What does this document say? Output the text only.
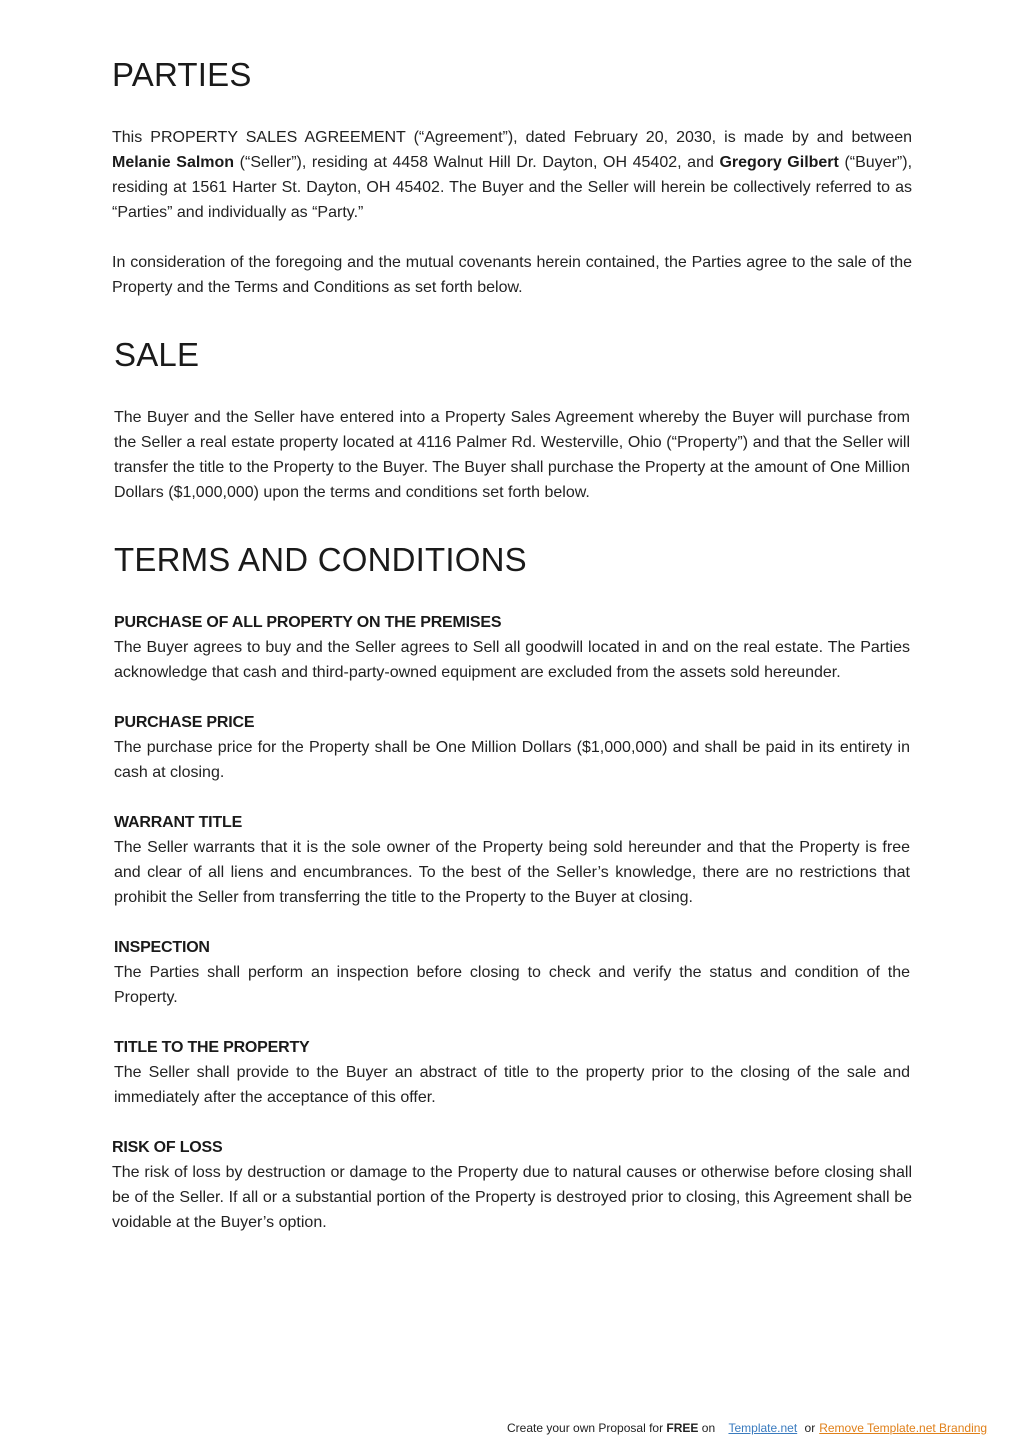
PARTIES

This PROPERTY SALES AGREEMENT (“Agreement”), dated February 20, 2030, is made by and between Melanie Salmon (“Seller”), residing at 4458 Walnut Hill Dr. Dayton, OH 45402, and Gregory Gilbert (“Buyer”), residing at 1561 Harter St. Dayton, OH 45402. The Buyer and the Seller will herein be collectively referred to as “Parties” and individually as “Party.”

In consideration of the foregoing and the mutual covenants herein contained, the Parties agree to the sale of the Property and the Terms and Conditions as set forth below.

SALE

The Buyer and the Seller have entered into a Property Sales Agreement whereby the Buyer will purchase from the Seller a real estate property located at 4116 Palmer Rd. Westerville, Ohio (“Property”) and that the Seller will transfer the title to the Property to the Buyer. The Buyer shall purchase the Property at the amount of One Million Dollars ($1,000,000) upon the terms and conditions set forth below.

TERMS AND CONDITIONS
PURCHASE OF ALL PROPERTY ON THE PREMISES

The Buyer agrees to buy and the Seller agrees to Sell all goodwill located in and on the real estate. The Parties acknowledge that cash and third-party-owned equipment are excluded from the assets sold hereunder.

PURCHASE PRICE

The purchase price for the Property shall be One Million Dollars ($1,000,000) and shall be paid in its entirety in cash at closing.

WARRANT TITLE

The Seller warrants that it is the sole owner of the Property being sold hereunder and that the Property is free and clear of all liens and encumbrances. To the best of the Seller’s knowledge, there are no restrictions that prohibit the Seller from transferring the title to the Property to the Buyer at closing.

INSPECTION

The Parties shall perform an inspection before closing to check and verify the status and condition of the Property.

TITLE TO THE PROPERTY

The Seller shall provide to the Buyer an abstract of title to the property prior to the closing of the sale and immediately after the acceptance of this offer.

RISK OF LOSS

The risk of loss by destruction or damage to the Property due to natural causes or otherwise before closing shall be of the Seller. If all or a substantial portion of the Property is destroyed prior to closing, this Agreement shall be voidable at the Buyer’s option.

Create your own Proposal for FREE on Template.net or Remove Template.net Branding
